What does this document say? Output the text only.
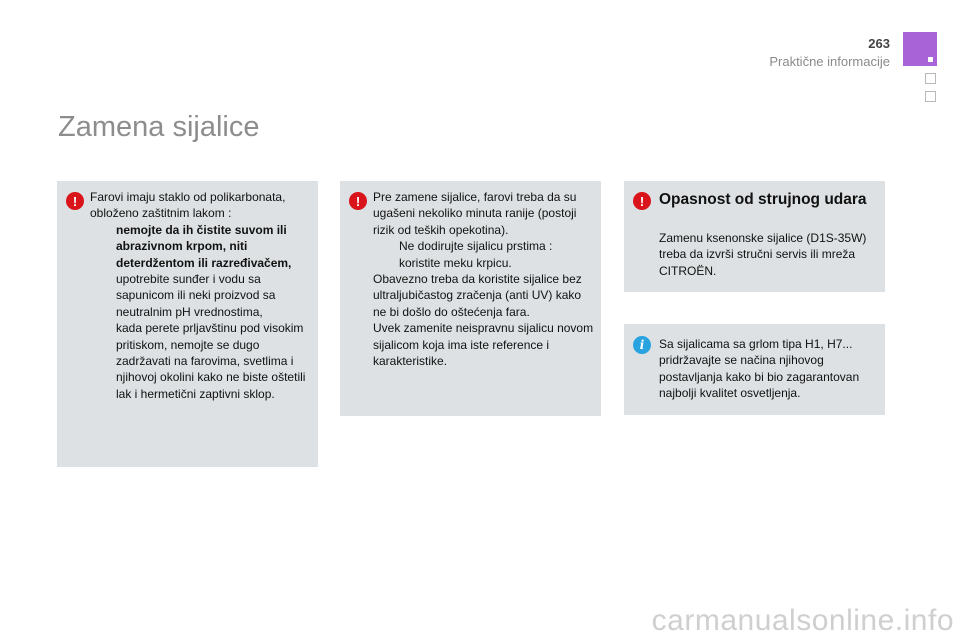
263
Praktične informacije
Zamena sijalice
!	Farovi imaju staklo od polikarbonata, obloženo zaštitnim lakom :

nemojte da ih čistite suvom ili abrazivnom krpom, niti deterdžentom ili razređivačem,
upotrebite sunđer i vodu sa sapunicom ili neki proizvod sa neutralnim pH vrednostima,
kada perete prljavštinu pod visokim pritiskom, nemojte se dugo zadržavati na farovima, svetlima i njihovoj okolini kako ne biste oštetili lak i hermetični zaptivni sklop.
!	Pre zamene sijalice, farovi treba da su ugašeni nekoliko minuta ranije (postoji rizik od teških opekotina).

Ne dodirujte sijalicu prstima : koristite meku krpicu.

Obavezno treba da koristite sijalice bez ultraljubičastog zračenja (anti UV) kako ne bi došlo do oštećenja fara.

Uvek zamenite neispravnu sijalicu novom sijalicom koja ima iste reference i karakteristike.

! Opasnost od strujnog udara
Zamenu ksenonske sijalice (D1S-35W) treba da izvrši stručni servis ili mreža CITROËN.
i	Sa sijalicama sa grlom tipa H1, H7... pridržavajte se načina njihovog postavljanja kako bi bio zagarantovan najbolji kvalitet osvetljenja.
carmanualsonline.info
